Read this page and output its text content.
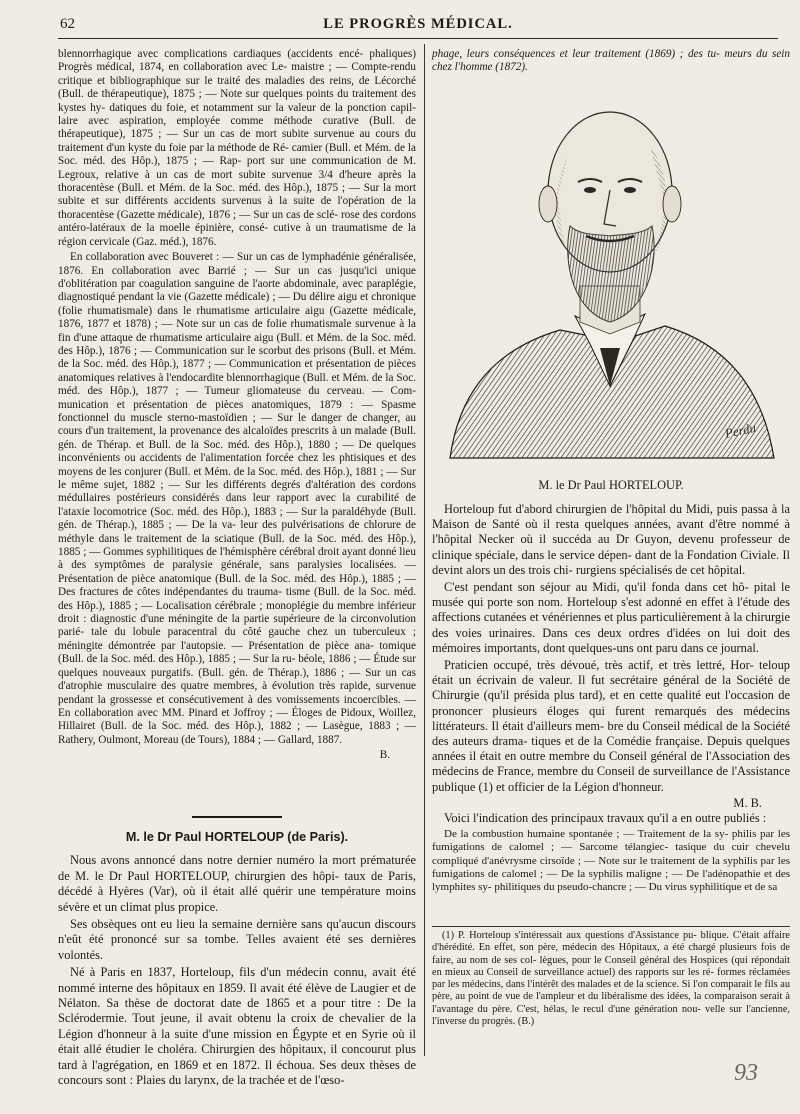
62	LE PROGRÈS MÉDICAL.

blennorrhagique avec complications cardiaques (accidents encé- phaliques) Progrès médical, 1874, en collaboration avec Le- maistre ; — Compte-rendu critique et bibliographique sur le traité des maladies des reins, de Lécorché (Bull. de thérapeutique), 1875 ; — Note sur quelques points du traitement des kystes hy- datiques du foie, et notamment sur la valeur de la ponction capil- laire avec aspiration, employée comme méthode curative (Bull. de thérapeutique), 1875 ; — Sur un cas de mort subite survenue au cours du traitement d'un kyste du foie par la méthode de Ré- camier (Bull. et Mém. de la Soc. méd. des Hôp.), 1875 ; — Rap- port sur une communication de M. Legroux, relative à un cas de mort subite survenue 3/4 d'heure après la thoracentèse (Bull. et Mém. de la Soc. méd. des Hôp.), 1875 ; — Sur la mort subite et sur différents accidents survenus à la suite de l'opération de la thoracentèse (Gazette médicale), 1876 ; — Sur un cas de sclé- rose des cordons antéro-latéraux de la moelle épinière, consé- cutive à un traumatisme de la région cervicale (Gaz. méd.), 1876.

En collaboration avec Bouveret : — Sur un cas de lymphadénie généralisée, 1876. En collaboration avec Barrié ; — Sur un cas jusqu'ici unique d'oblitération par coagulation sanguine de l'aorte abdominale, avec paraplégie, diagnostiqué pendant la vie (Gazette médicale) ; — Du délire aigu et chronique (folie rhumatismale) dans le rhumatisme articulaire aigu (Gazette médicale, 1876, 1877 et 1878) ; — Note sur un cas de folie rhumatismale survenue à la fin d'une attaque de rhumatisme articulaire aigu (Bull. et Mém. de la Soc. méd. des Hôp.), 1876 ; — Communication sur le scorbut des prisons (Bull. et Mém. de la Soc. méd. des Hôp.), 1877 ; — Communication et présentation de pièces anatomiques relatives à l'endocardite blennorrhagique (Bull. et Mém. de la Soc. méd. des Hôp.), 1877 ; — Tumeur gliomateuse du cerveau. — Com- munication et présentation de pièces anatomiques, 1879 : — Spasme fonctionnel du muscle sterno-mastoïdien ; — Sur le danger de changer, au cours d'un traitement, la provenance des alcaloïdes prescrits à un malade (Bull. gén. de Thérap. et Bull. de la Soc. méd. des Hôp.), 1880 ; — De quelques inconvénients ou accidents de l'alimentation forcée chez les phtisiques et des moyens de les conjurer (Bull. et Mém. de la Soc. méd. des Hôp.), 1881 ; — Sur le même sujet, 1882 ; — Sur les différents degrés d'altération des cordons médullaires postérieurs considérés dans leur rapport avec la curabilité de l'ataxie locomotrice (Soc. méd. des Hôp.), 1883 ; — Sur la paraldéhyde (Bull. gén. de Thérap.), 1885 ; — De la va- leur des pulvérisations de chlorure de méthyle dans le traitement de la sciatique (Bull. de la Soc. méd. des Hôp.), 1885 ; — Gommes syphilitiques de l'hémisphère cérébral droit ayant donné lieu à des symptômes de paralysie générale, sans paralysies localisées. — Présentation de pièce anatomique (Bull. de la Soc. méd. des Hôp.), 1885 ; — Des fractures de côtes indépendantes du trauma- tisme (Bull. de la Soc. méd. des Hôp.), 1885 ; — Localisation cérébrale ; monoplégie du membre inférieur droit : diagnostic d'une méningite de la partie supérieure de la circonvolution parié- tale du lobule paracentral du côté gauche chez un tuberculeux ; méningite démontrée par l'autopsie. — Présentation de pièce ana- tomique (Bull. de la Soc. méd. des Hôp.), 1885 ; — Sur la ru- béole, 1886 ; — Étude sur quelques nouveaux purgatifs. (Bull. gén. de Thérap.), 1886 ; — Sur un cas d'atrophie musculaire des quatre membres, à évolution très rapide, survenue pendant la grossesse et consécutivement à des vomissements incoercibles. — En collaboration avec MM. Pinard et Joffroy ; — Éloges de Pidoux, Woillez, Hillairet (Bull. de la Soc. méd. des Hôp.), 1882 ; — Lasègue, 1883 ; — Rathery, Oulmont, Moreau (de Tours), 1884 ; — Gallard, 1887.

B.
M. le Dr Paul HORTELOUP (de Paris).

Nous avons annoncé dans notre dernier numéro la mort prématurée de M. le Dr Paul HORTELOUP, chirurgien des hôpi- taux de Paris, décédé à Hyères (Var), où il était allé quérir une température moins sévère et un climat plus propice.

Ses obsèques ont eu lieu la semaine dernière sans qu'aucun discours n'eût été prononcé sur sa tombe. Telles avaient été ses dernières volontés.

Né à Paris en 1837, Horteloup, fils d'un médecin connu, avait été nommé interne des hôpitaux en 1859. Il avait été élève de Laugier et de Nélaton. Sa thèse de doctorat date de 1865 et a pour titre : De la Sclérodermie. Tout jeune, il avait obtenu la croix de chevalier de la Légion d'honneur à la suite d'une mission en Égypte et en Syrie où il était allé étudier le choléra. Chirurgien des hôpitaux, il concourut plus tard à l'agrégation, en 1869 et en 1872. Il échoua. Ses deux thèses de concours sont : Plaies du larynx, de la trachée et de l'œso-

phage, leurs conséquences et leur traitement (1869) ; des tu- meurs du sein chez l'homme (1872).

Perdu
M. le Dr Paul HORTELOUP.

Horteloup fut d'abord chirurgien de l'hôpital du Midi, puis passa à la Maison de Santé où il resta quelques années, avant d'être nommé à l'hôpital Necker où il succéda au Dr Guyon, devenu professeur de clinique spéciale, dans le service dépen- dant de la Fondation Civiale. Il devint alors un des trois chi- rurgiens spécialisés de cet hôpital.

C'est pendant son séjour au Midi, qu'il fonda dans cet hô- pital le musée qui porte son nom. Horteloup s'est adonné en effet à l'étude des affections cutanées et vénériennes et plus particulièrement à la chirurgie des voies urinaires. Dans ces deux ordres d'idées on lui doit des mémoires importants, dont quelques-uns ont paru dans ce journal.

Praticien occupé, très dévoué, très actif, et très lettré, Hor- teloup était un écrivain de valeur. Il fut secrétaire général de la Société de Chirurgie (qu'il présida plus tard), et en cette qualité eut l'occasion de prononcer plusieurs éloges qui furent remarqués des médecins littérateurs. Il était d'ailleurs mem- bre du Conseil médical de la Société des auteurs drama- tiques et de la Comédie française. Depuis quelques années il était en outre membre du Conseil général de l'Association des médecins de France, membre du Conseil de surveillance de l'Assistance publique (1) et officier de la Légion d'honneur.

M. B.

Voici l'indication des principaux travaux qu'il a en outre publiés :

De la combustion humaine spontanée ; — Traitement de la sy- philis par les fumigations de calomel ; — Sarcome télangiec- tasique du cuir chevelu compliqué d'anévrysme cirsoïde ; — Note sur le traitement de la syphilis par les fumigations de calomel ; — De la syphilis maligne ; — De l'adénopathie et des lymphites sy- philitiques du pseudo-chancre ; — Du virus syphilitique et de sa

(1) P. Horteloup s'intéressait aux questions d'Assistance pu- blique. C'était affaire d'hérédité. En effet, son père, médecin des Hôpitaux, a été chargé plusieurs fois de faire, au nom de ses col- lègues, pour le Conseil général des Hospices (qui répondait en mieux au Conseil de surveillance actuel) des rapports sur les ré- formes réclamées par les médecins, dans l'intérêt des malades et de la science. Si l'on comparait le fils au père, au point de vue de l'ampleur et du libéralisme des idées, la comparaison serait à l'avantage du père. C'est, hélas, le recul d'une génération nou- velle sur l'ancienne, l'inverse du progrès. (B.)

93
